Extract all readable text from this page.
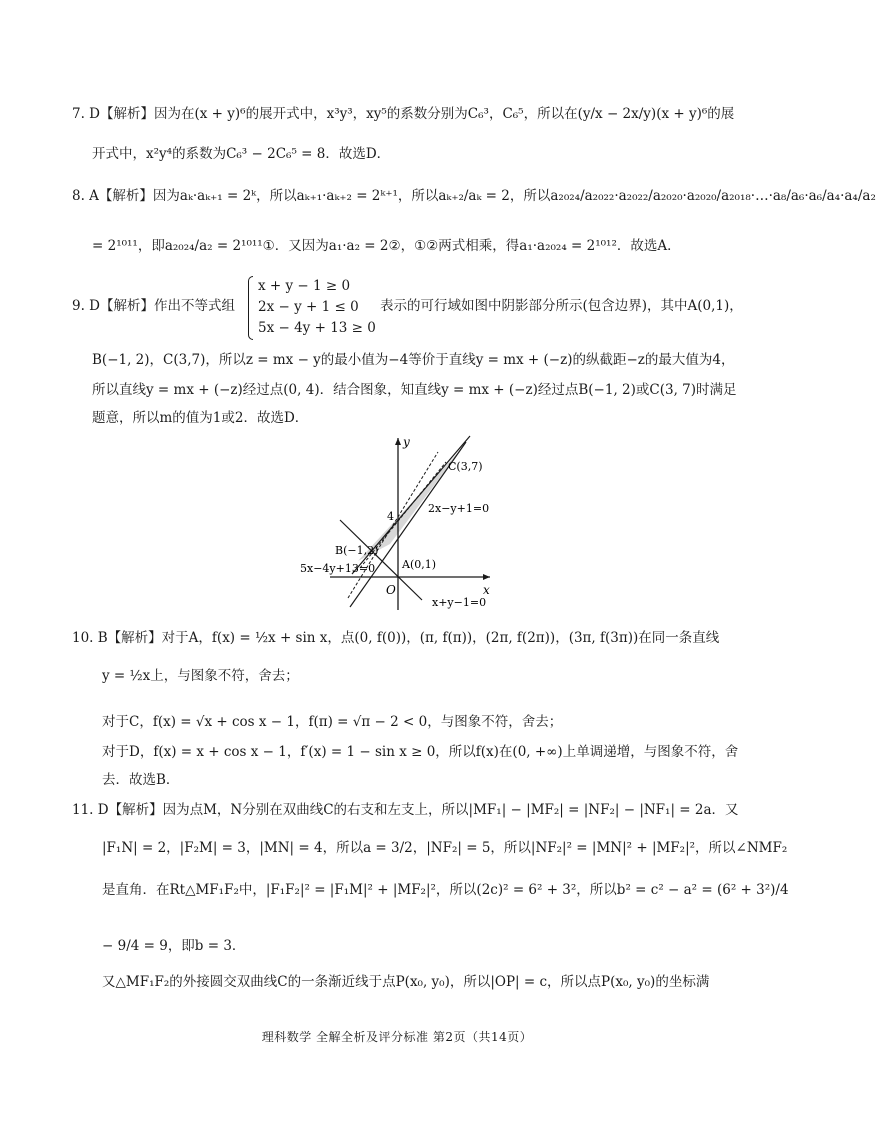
7. D【解析】因为在(x + y)⁶的展开式中，x³y³，xy⁵的系数分别为C₆³，C₆⁵，所以在(y/x − 2x/y)(x + y)⁶的展
开式中，x²y⁴的系数为C₆³ − 2C₆⁵ = 8．故选D．
8. A【解析】因为aₖ·aₖ₊₁ = 2ᵏ，所以aₖ₊₁·aₖ₊₂ = 2ᵏ⁺¹，所以aₖ₊₂/aₖ = 2，所以a₂₀₂₄/a₂₀₂₂·a₂₀₂₂/a₂₀₂₀·a₂₀₂₀/a₂₀₁₈·…·a₈/a₆·a₆/a₄·a₄/a₂
= 2¹⁰¹¹，即a₂₀₂₄/a₂ = 2¹⁰¹¹①．又因为a₁·a₂ = 2②，①②两式相乘，得a₁·a₂₀₂₄ = 2¹⁰¹²．故选A．
9. D【解析】作出不等式组
x + y − 1 ≥ 0
2x − y + 1 ≤ 0
5x − 4y + 13 ≥ 0
表示的可行域如图中阴影部分所示(包含边界)，其中A(0,1)，
B(−1, 2)，C(3,7)，所以z = mx − y的最小值为−4等价于直线y = mx + (−z)的纵截距−z的最大值为4，
所以直线y = mx + (−z)经过点(0, 4)．结合图象，知直线y = mx + (−z)经过点B(−1, 2)或C(3, 7)时满足
题意，所以m的值为1或2．故选D．
y
x
O
C(3,7)
B(−1,2)
A(0,1)
4
2x−y+1=0
5x−4y+13=0
x+y−1=0
10. B【解析】对于A，f(x) = ½x + sin x，点(0, f(0))，(π, f(π))，(2π, f(2π))，(3π, f(3π))在同一条直线
y = ½x上，与图象不符，舍去；
对于C，f(x) = √x + cos x − 1，f(π) = √π − 2 < 0，与图象不符，舍去；
对于D，f(x) = x + cos x − 1，f′(x) = 1 − sin x ≥ 0，所以f(x)在(0, +∞)上单调递增，与图象不符，舍
去．故选B．
11. D【解析】因为点M，N分别在双曲线C的右支和左支上，所以|MF₁| − |MF₂| = |NF₂| − |NF₁| = 2a．又
|F₁N| = 2，|F₂M| = 3，|MN| = 4，所以a = 3/2，|NF₂| = 5，所以|NF₂|² = |MN|² + |MF₂|²，所以∠NMF₂
是直角．在Rt△MF₁F₂中，|F₁F₂|² = |F₁M|² + |MF₂|²，所以(2c)² = 6² + 3²，所以b² = c² − a² = (6² + 3²)/4
− 9/4 = 9，即b = 3．
又△MF₁F₂的外接圆交双曲线C的一条渐近线于点P(x₀, y₀)，所以|OP| = c，所以点P(x₀, y₀)的坐标满
理科数学 全解全析及评分标准 第2页（共14页）
